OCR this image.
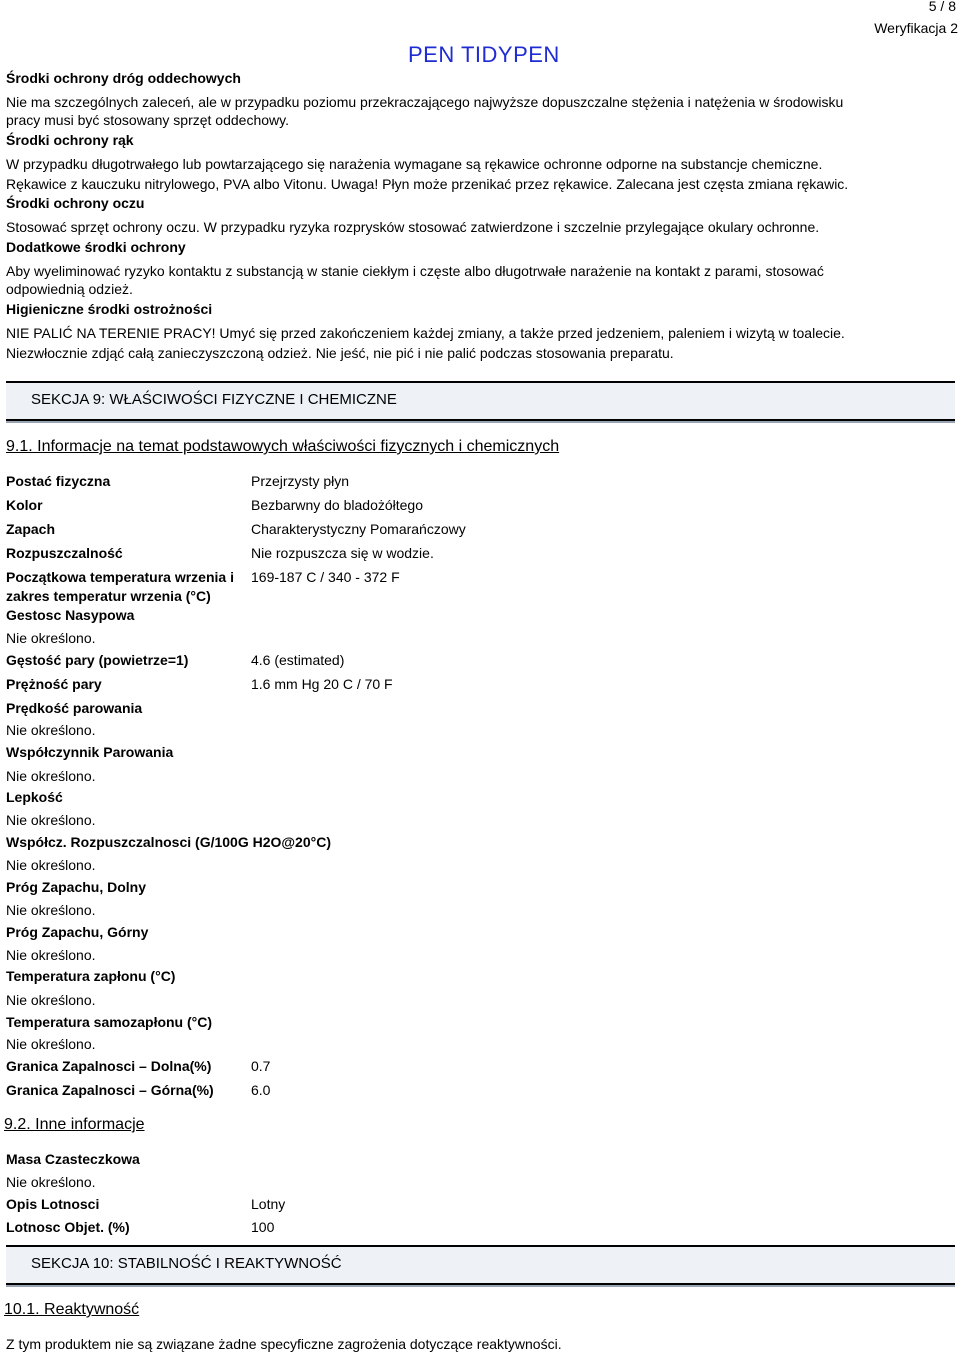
5 / 8
Weryfikacja 2
PEN TIDYPEN
Środki ochrony dróg oddechowych
Nie ma szczególnych zaleceń, ale w przypadku poziomu przekraczającego najwyższe dopuszczalne stężenia i natężenia w środowisku
pracy musi być stosowany sprzęt oddechowy.
Środki ochrony rąk
W przypadku długotrwałego lub powtarzającego się narażenia wymagane są rękawice ochronne odporne na substancje chemiczne.
Rękawice z kauczuku nitrylowego, PVA albo Vitonu. Uwaga! Płyn może przenikać przez rękawice. Zalecana jest częsta zmiana rękawic.
Środki ochrony oczu
Stosować sprzęt ochrony oczu. W przypadku ryzyka rozprysków stosować zatwierdzone i szczelnie przylegające okulary ochronne.
Dodatkowe środki ochrony
Aby wyeliminować ryzyko kontaktu z substancją w stanie ciekłym i częste albo długotrwałe narażenie na kontakt z parami, stosować
odpowiednią odzież.
Higieniczne środki ostrożności
NIE PALIĆ NA TERENIE PRACY! Umyć się przed zakończeniem każdej zmiany, a także przed jedzeniem, paleniem i wizytą w toalecie.
Niezwłocznie zdjąć całą zanieczyszczoną odzież. Nie jeść, nie pić i nie palić podczas stosowania preparatu.
SEKCJA 9: WŁAŚCIWOŚCI FIZYCZNE I CHEMICZNE
9.1. Informacje na temat podstawowych właściwości fizycznych i chemicznych
Postać fizyczna	Przejrzysty płyn
Kolor	Bezbarwny do bladożółtego
Zapach	Charakterystyczny Pomarańczowy
Rozpuszczalność	Nie rozpuszcza się w wodzie.
Początkowa temperatura wrzenia i
zakres temperatur wrzenia (°C)
169-187 C / 340 - 372 F
Gestosc Nasypowa
Nie określono.
Gęstość pary (powietrze=1)	4.6 (estimated)
Prężność pary	1.6 mm Hg 20 C / 70 F
Prędkość parowania
Nie określono.
Współczynnik Parowania
Nie określono.
Lepkość
Nie określono.
Współcz. Rozpuszczalnosci (G/100G H2O@20°C)
Nie określono.
Próg Zapachu, Dolny
Nie określono.
Próg Zapachu, Górny
Nie określono.
Temperatura zapłonu (°C)
Nie określono.
Temperatura samozapłonu (°C)
Nie określono.
Granica Zapalnosci – Dolna(%)	0.7
Granica Zapalnosci – Górna(%)	6.0
9.2. Inne informacje
Masa Czasteczkowa
Nie określono.
Opis Lotnosci	Lotny
Lotnosc Objet. (%)	100
SEKCJA 10: STABILNOŚĆ I REAKTYWNOŚĆ
10.1. Reaktywność
Z tym produktem nie są związane żadne specyficzne zagrożenia dotyczące reaktywności.
